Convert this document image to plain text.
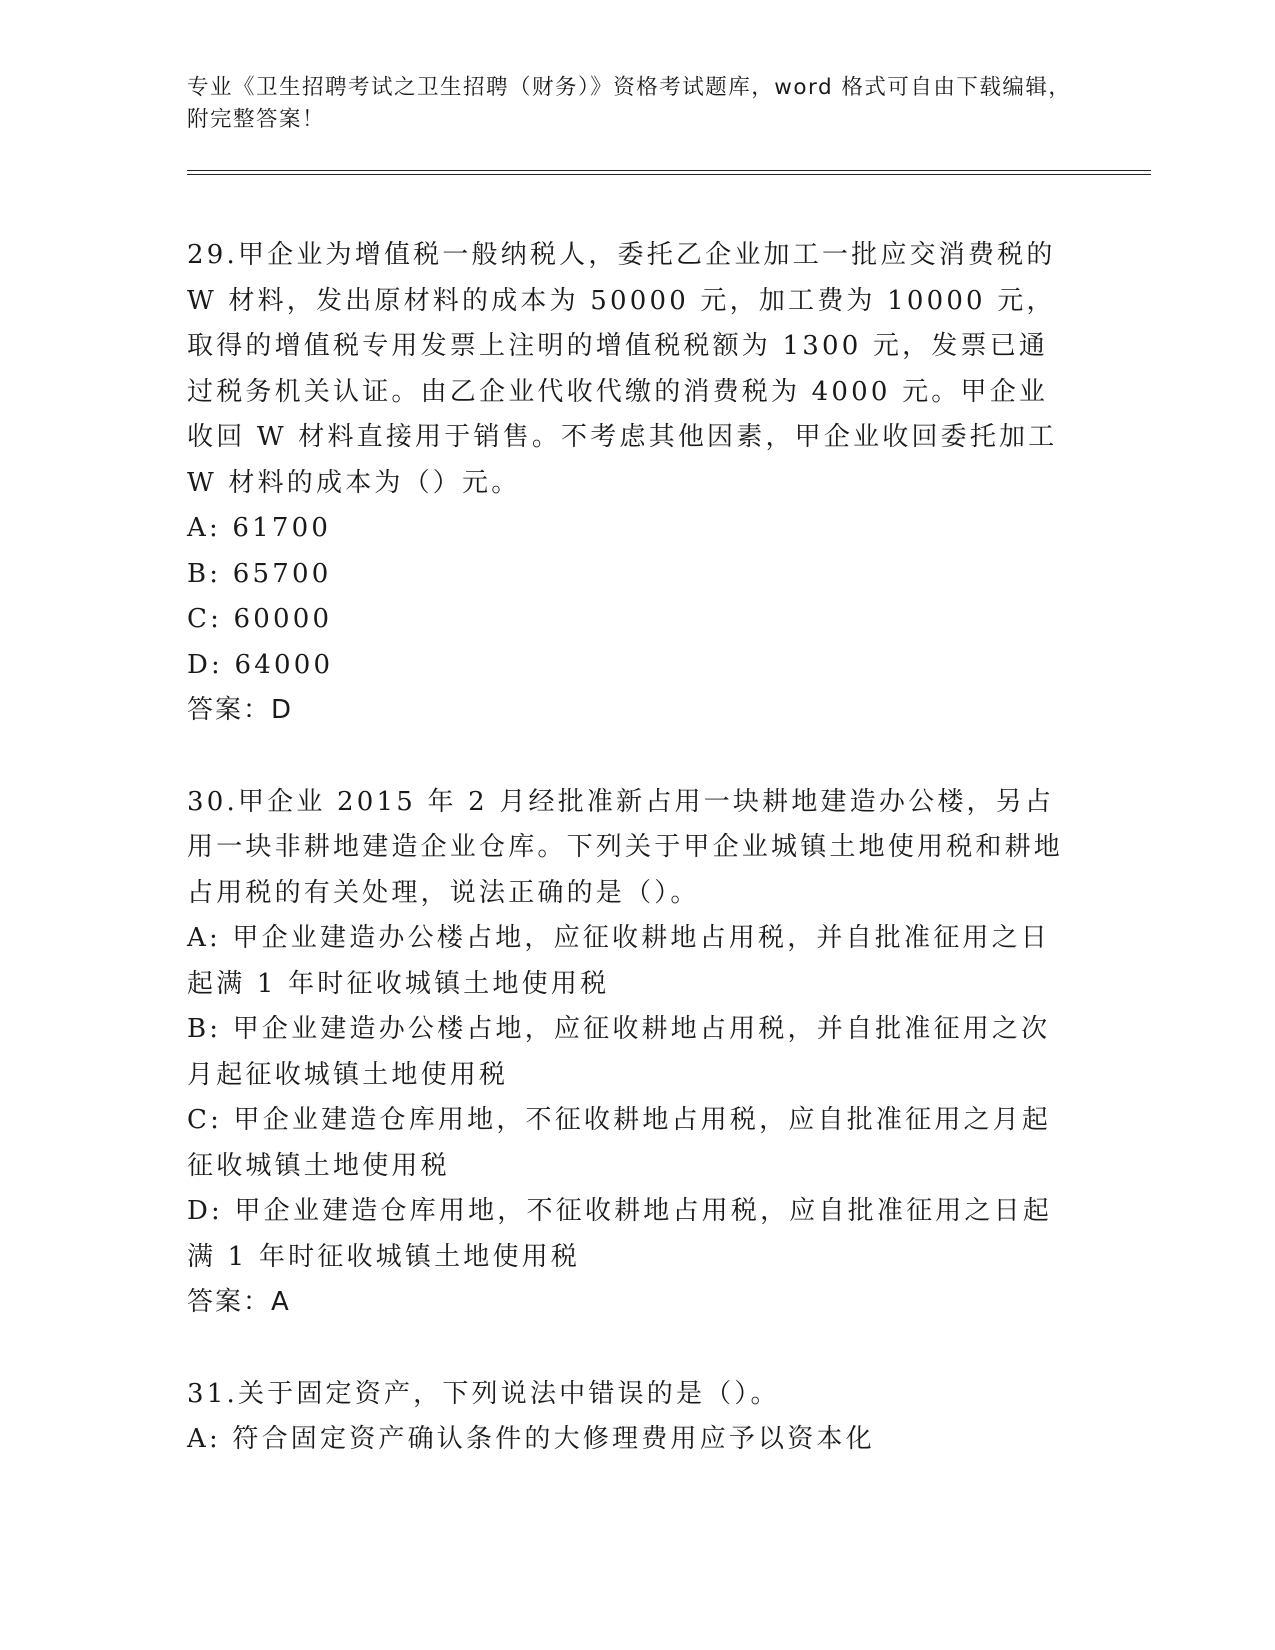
专业《卫生招聘考试之卫生招聘（财务）》资格考试题库，word 格式可自由下载编辑，附完整答案！

29.甲企业为增值税一般纳税人，委托乙企业加工一批应交消费税的 W 材料，发出原材料的成本为 50000 元，加工费为 10000 元，取得的增值税专用发票上注明的增值税税额为 1300 元，发票已通过税务机关认证。由乙企业代收代缴的消费税为 4000 元。甲企业收回 W 材料直接用于销售。不考虑其他因素，甲企业收回委托加工 W 材料的成本为（）元。

A: 61700

B: 65700

C: 60000

D: 64000

答案：D

30.甲企业 2015 年 2 月经批准新占用一块耕地建造办公楼，另占用一块非耕地建造企业仓库。下列关于甲企业城镇土地使用税和耕地占用税的有关处理，说法正确的是（）。

A: 甲企业建造办公楼占地，应征收耕地占用税，并自批准征用之日起满 1 年时征收城镇土地使用税

B: 甲企业建造办公楼占地，应征收耕地占用税，并自批准征用之次月起征收城镇土地使用税

C: 甲企业建造仓库用地，不征收耕地占用税，应自批准征用之月起征收城镇土地使用税

D: 甲企业建造仓库用地，不征收耕地占用税，应自批准征用之日起满 1 年时征收城镇土地使用税

答案：A

31.关于固定资产，下列说法中错误的是（）。

A: 符合固定资产确认条件的大修理费用应予以资本化
